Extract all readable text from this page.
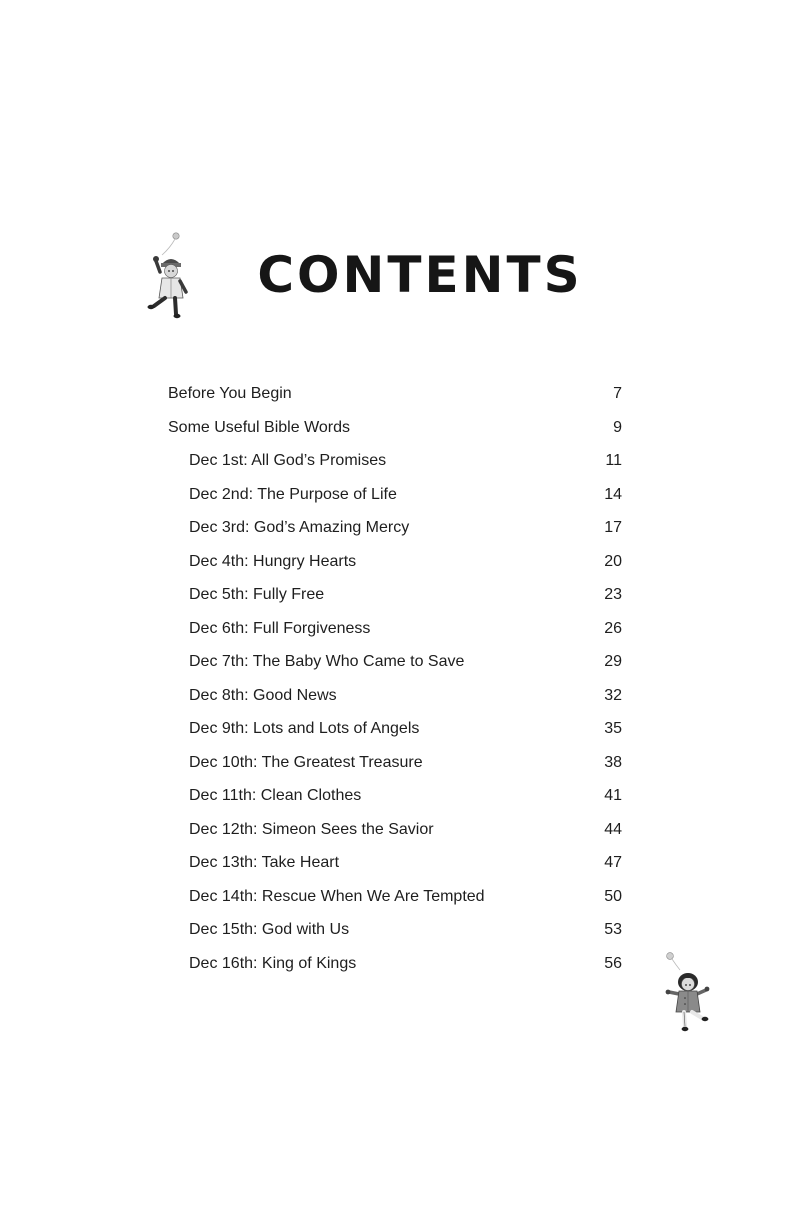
CONTENTS
Before You Begin	7
Some Useful Bible Words	9
Dec 1st: All God’s Promises	11
Dec 2nd: The Purpose of Life	14
Dec 3rd: God’s Amazing Mercy	17
Dec 4th: Hungry Hearts	20
Dec 5th: Fully Free	23
Dec 6th: Full Forgiveness	26
Dec 7th: The Baby Who Came to Save	29
Dec 8th: Good News	32
Dec 9th: Lots and Lots of Angels	35
Dec 10th: The Greatest Treasure	38
Dec 11th: Clean Clothes	41
Dec 12th: Simeon Sees the Savior	44
Dec 13th: Take Heart	47
Dec 14th: Rescue When We Are Tempted	50
Dec 15th: God with Us	53
Dec 16th: King of Kings	56
